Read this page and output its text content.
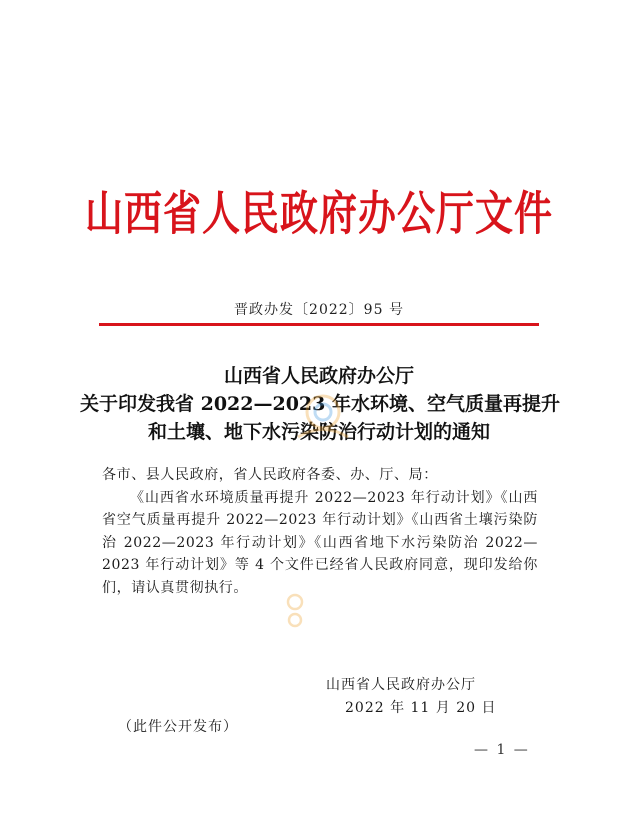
山西省人民政府办公厅文件
晋政办发〔2022〕95 号
山西省人民政府办公厅
关于印发我省 2022—2023 年水环境、空气质量再提升
和土壤、地下水污染防治行动计划的通知
各市、县人民政府，省人民政府各委、办、厅、局：
《山西省水环境质量再提升 2022—2023 年行动计划》《山西省空气质量再提升 2022—2023 年行动计划》《山西省土壤污染防治 2022—2023 年行动计划》《山西省地下水污染防治 2022—2023 年行动计划》等 4 个文件已经省人民政府同意，现印发给你们，请认真贯彻执行。
山西省人民政府办公厅
2022 年 11 月 20 日
（此件公开发布）
— 1 —
